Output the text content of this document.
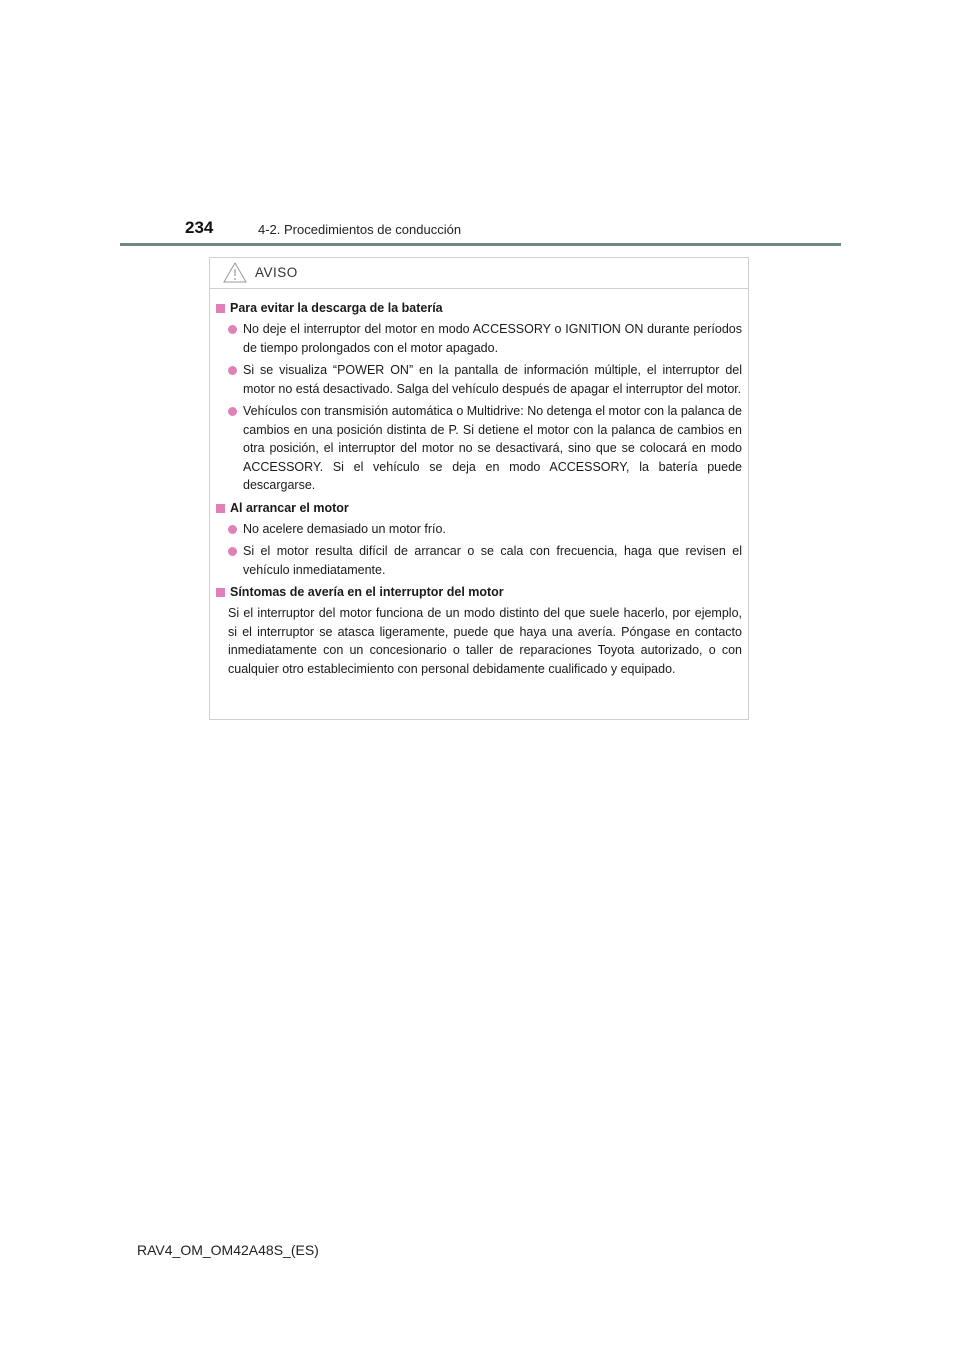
234	4-2. Procedimientos de conducción
AVISO
Para evitar la descarga de la batería
No deje el interruptor del motor en modo ACCESSORY o IGNITION ON durante períodos de tiempo prolongados con el motor apagado.
Si se visualiza “POWER ON” en la pantalla de información múltiple, el interruptor del motor no está desactivado. Salga del vehículo después de apagar el interruptor del motor.
Vehículos con transmisión automática o Multidrive: No detenga el motor con la palanca de cambios en una posición distinta de P. Si detiene el motor con la palanca de cambios en otra posición, el interruptor del motor no se desactivará, sino que se colocará en modo ACCESSORY. Si el vehículo se deja en modo ACCESSORY, la batería puede descargarse.
Al arrancar el motor
No acelere demasiado un motor frío.
Si el motor resulta difícil de arrancar o se cala con frecuencia, haga que revisen el vehículo inmediatamente.
Síntomas de avería en el interruptor del motor
Si el interruptor del motor funciona de un modo distinto del que suele hacerlo, por ejemplo, si el interruptor se atasca ligeramente, puede que haya una avería. Póngase en contacto inmediatamente con un concesionario o taller de reparaciones Toyota autorizado, o con cualquier otro establecimiento con personal debidamente cualificado y equipado.
RAV4_OM_OM42A48S_(ES)
